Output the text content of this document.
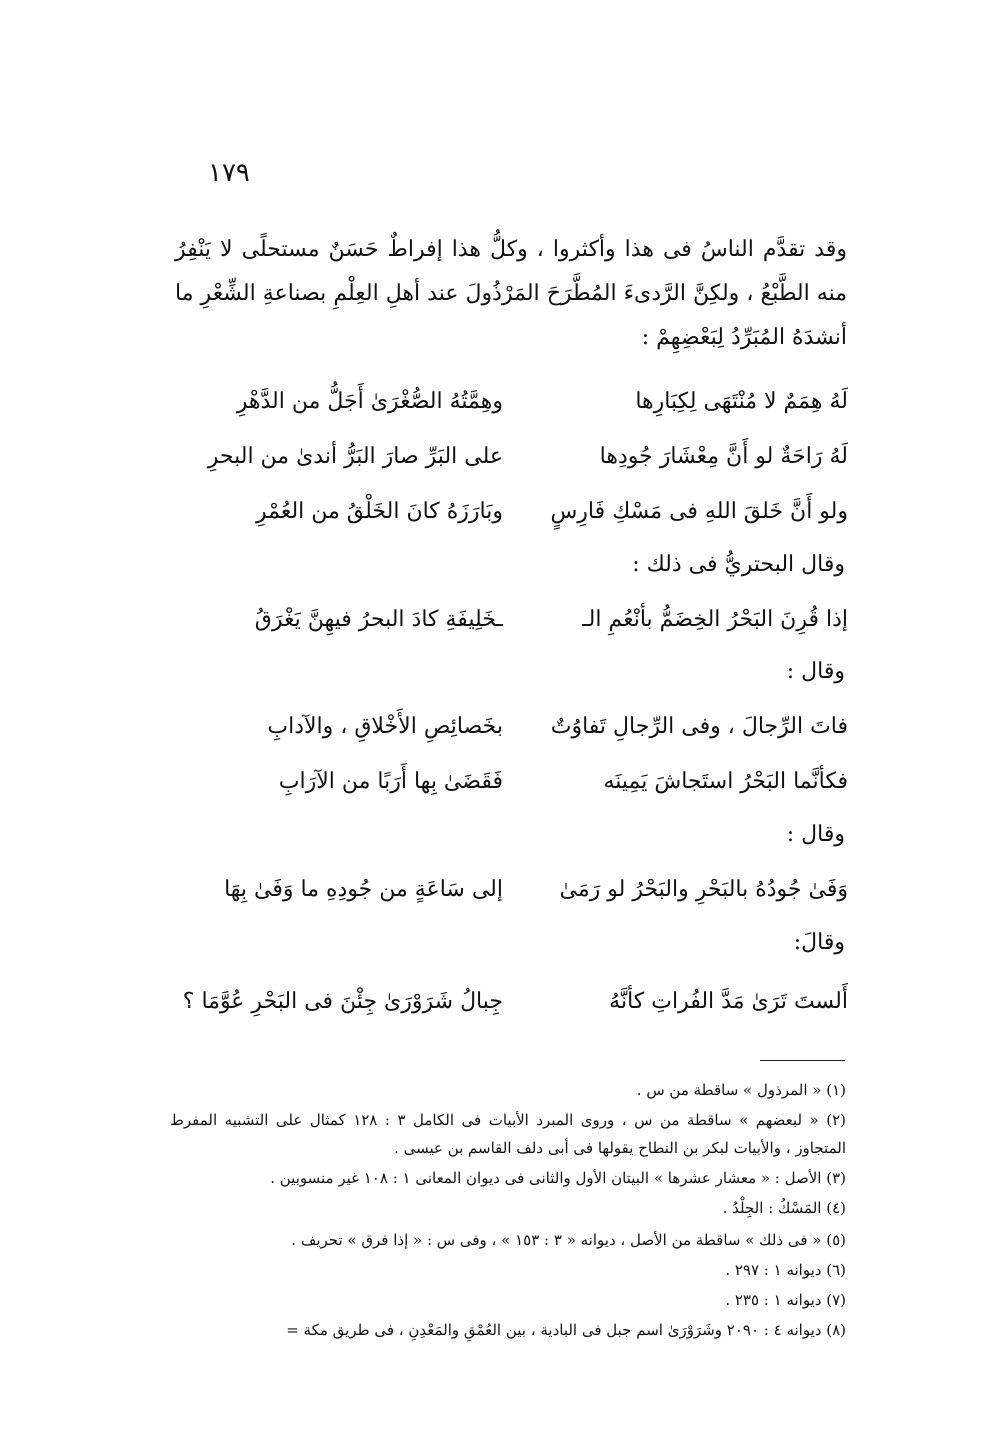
١٧٩
وقد تقدَّم الناسُ فى هذا وأكثروا ، وكلُّ هذا إفراطٌ حَسَنٌ مستحلًى لا يَنْفِرُ منه الطَّبْعُ ، ولكِنَّ الرَّدىءَ المُطَّرَحَ المَرْذُولَ عند أهلِ العِلْمِ بصناعةِ الشِّعْرِ ما أنشدَهُ المُبَرِّدُ لِبَعْضِهِمْ :
لَهُ هِمَمٌ لا مُنْتَهَى لِكِبَارِها
وهِمَّتُهُ الصُّغْرَىٰ أَجَلُّ من الدَّهْرِ
لَهُ رَاحَةٌ لو أَنَّ مِعْشَارَ جُودِها
على البَرِّ صارَ البَرُّ أندىٰ من البحرِ
ولو أَنَّ خَلقَ اللهِ فى مَسْكِ فَارِسٍ
وبَارَزَهُ كانَ الخَلْقُ من العُمْرِ
وقال البحتريُّ فى ذلك :
إذا قُرِنَ البَحْرُ الخِضَمُّ بأنْعُمِ الـ
ـخَلِيفَةِ كادَ البحرُ فيهِنَّ يَغْرَقُ
وقال :
فاتَ الرِّجالَ ، وفى الرِّجالِ تَفاوُتٌ
بخَصائِصِ الأَخْلاقِ ، والآدابِ
فكأنَّما البَحْرُ استَجاشَ يَمِينَه
فَقَضَىٰ بِها أَرَبًا من الآرَابِ
وقال :
وَفَىٰ جُودُهُ بالبَحْرِ والبَحْرُ لو رَمَىٰ
إلى سَاعَةٍ من جُودِهِ ما وَفَىٰ بِهَا
وقالَ:
أَلستَ تَرَىٰ مَدَّ الفُراتِ كأنَّهُ
جِبالُ شَرَوْرَىٰ جِئْنَ فى البَحْرِ عُوَّمَا ؟
(١) « المرذول » ساقطة من س .
(٢) « لبعضهم » ساقطة من س ، وروى المبرد الأبيات فى الكامل ٣ : ١٢٨ كمثال على التشبيه المفرط المتجاوز ، والأبيات لبكر بن النطاح يقولها فى أبى دلف القاسم بن عيسى .
(٣) الأصل : « معشار عشرها » البيتان الأول والثانى فى ديوان المعانى ١ : ١٠٨ غير منسوبين .
(٤) المَسْكُ : الجِلْدُ .
(٥) « فى ذلك » ساقطة من الأصل ، ديوانه « ٣ : ١٥٣ » ، وفى س : « إذا فرق » تحريف .
(٦) ديوانه ١ : ٢٩٧ .
(٧) ديوانه ١ : ٢٣٥ .
(٨) ديوانه ٤ : ٢٠٩٠ وشَرَوْرَىٰ اسم جبل فى البادية ، بين العُمْقِ والمَعْدِنِ ، فى طريق مكة =
